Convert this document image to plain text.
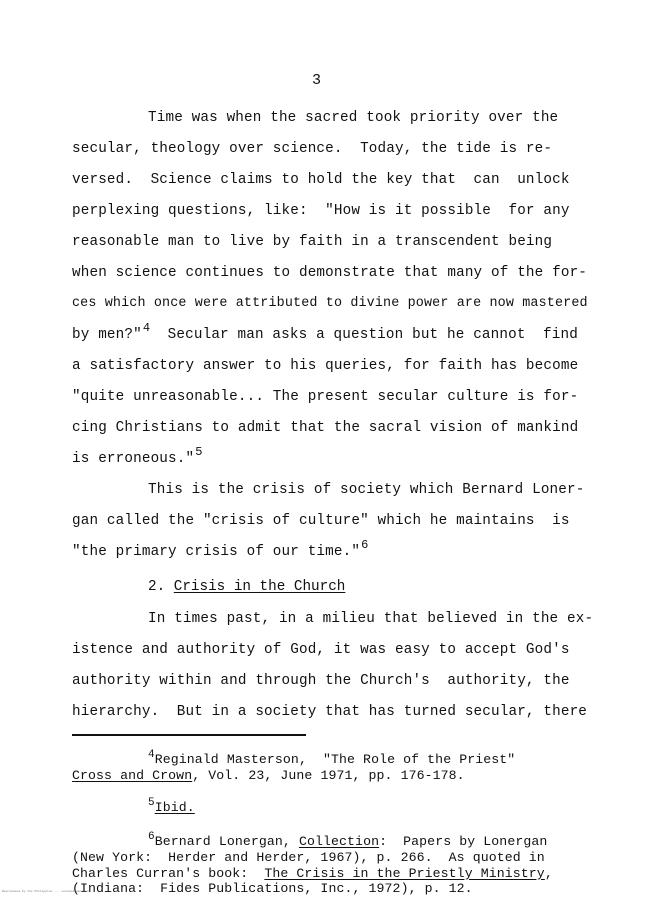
3
Time was when the sacred took priority over the
secular, theology over science.  Today, the tide is re-
versed.  Science claims to hold the key that  can  unlock
perplexing questions, like:  "How is it possible  for any
reasonable man to live by faith in a transcendent being
when science continues to demonstrate that many of the for-
ces which once were attributed to divine power are now mastered
by men?"$^4$ Secular man asks a question but he cannot  find
a satisfactory answer to his queries, for faith has become
"quite unreasonable... The present secular culture is for-
cing Christians to admit that the sacral vision of mankind
is erroneous."$^5$
This is the crisis of society which Bernard Loner-
gan called the "crisis of culture" which he maintains  is
"the primary crisis of our time."$^6$
2. Crisis in the Church
In times past, in a milieu that believed in the ex-
istence and authority of God, it was easy to accept God's
authority within and through the Church's  authority, the
hierarchy.  But in a society that has turned secular, there
$^4$Reginald Masterson,  "The Role of the Priest"
Cross and Crown, Vol. 23, June 1971, pp. 176-178.
$^5$Ibid.
$^6$Bernard Lonergan, Collection:  Papers by Lonergan
(New York:  Herder and Herder, 1967), p. 266.  As quoted in
Charles Curran's book:  The Crisis in the Priestly Ministry,
(Indiana:  Fides Publications, Inc., 1972), p. 12.
Reproduced by the Philippine ... scanned document
